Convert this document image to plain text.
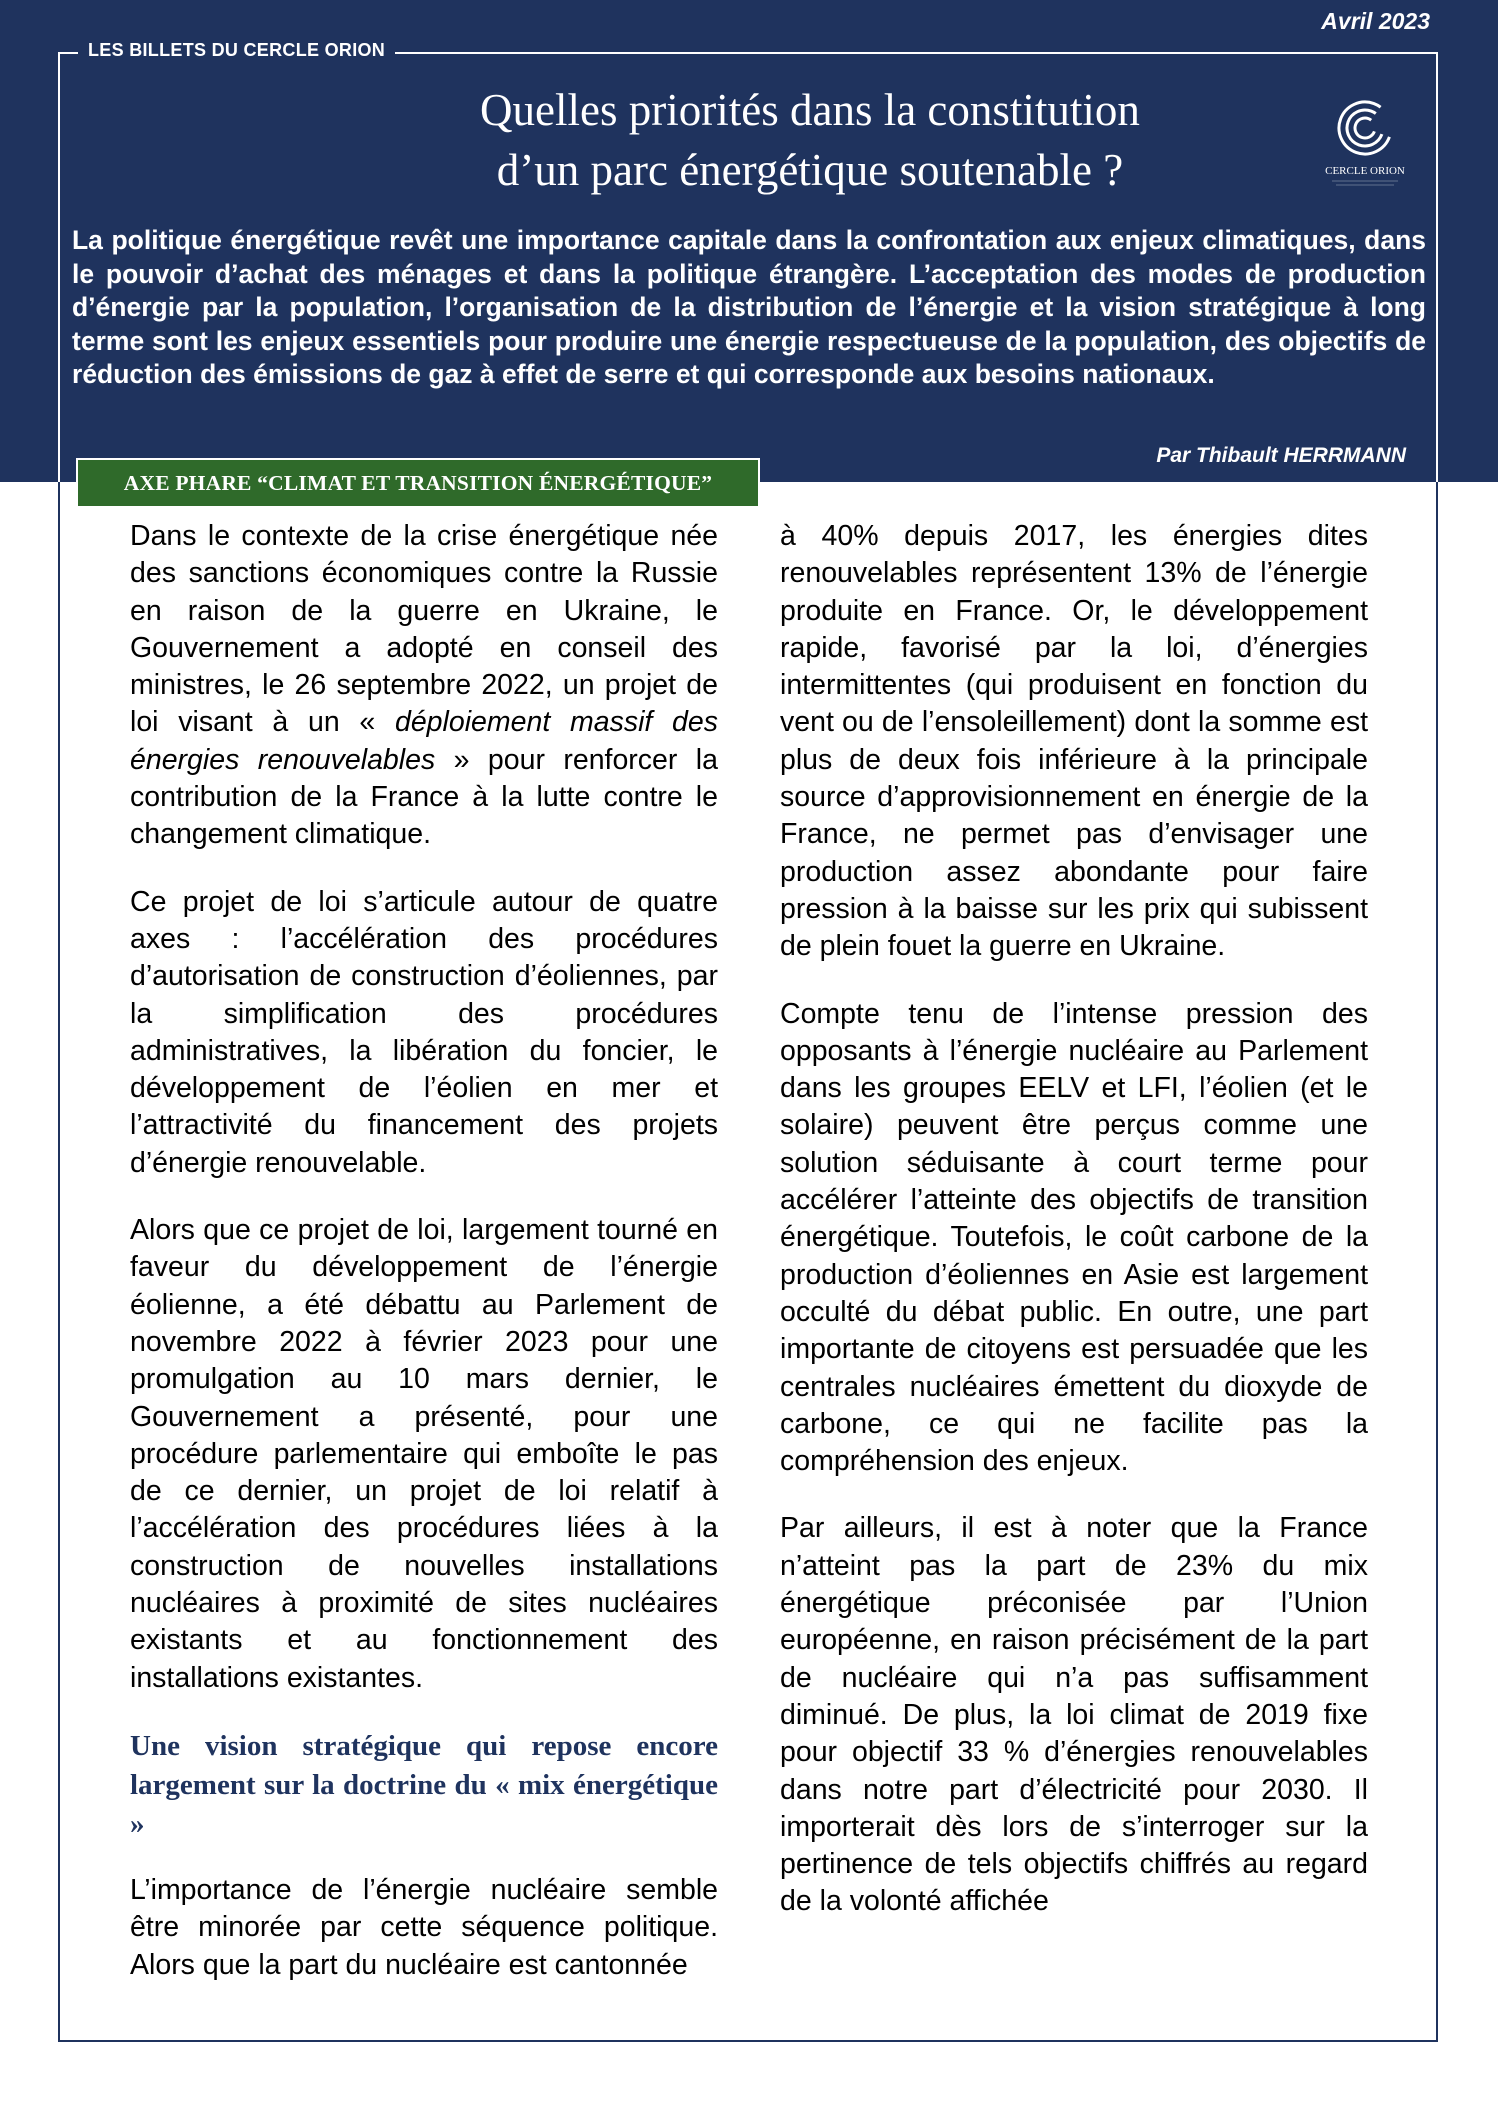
Avril 2023
LES BILLETS DU CERCLE ORION
Quelles priorités dans la constitution
d’un parc énergétique soutenable ?	CERCLE ORION

La politique énergétique revêt une importance capitale dans la confrontation aux enjeux climatiques, dans le pouvoir d’achat des ménages et dans la politique étrangère. L’acceptation des modes de production d’énergie par la population, l’organisation de la distribution de l’énergie et la vision stratégique à long terme sont les enjeux essentiels pour produire une énergie respectueuse de la population, des objectifs de réduction des émissions de gaz à effet de serre et qui corresponde aux besoins nationaux.

Par Thibault HERRMANN
AXE PHARE “CLIMAT ET TRANSITION ÉNERGÉTIQUE”

Dans le contexte de la crise énergétique née des sanctions économiques contre la Russie en raison de la guerre en Ukraine, le Gouvernement a adopté en conseil des ministres, le 26 septembre 2022, un projet de loi visant à un « déploiement massif des énergies renouvelables » pour renforcer la contribution de la France à la lutte contre le changement climatique.

Ce projet de loi s’articule autour de quatre axes : l’accélération des procédures d’autorisation de construction d’éoliennes, par la simplification des procédures administratives, la libération du foncier, le développement de l’éolien en mer et l’attractivité du financement des projets d’énergie renouvelable.

Alors que ce projet de loi, largement tourné en faveur du développement de l’énergie éolienne, a été débattu au Parlement de novembre 2022 à février 2023 pour une promulgation au 10 mars dernier, le Gouvernement a présenté, pour une procédure parlementaire qui emboîte le pas de ce dernier, un projet de loi relatif à l’accélération des procédures liées à la construction de nouvelles installations nucléaires à proximité de sites nucléaires existants et au fonctionnement des installations existantes.

Une vision stratégique qui repose encore largement sur la doctrine du « mix énergétique »

L’importance de l’énergie nucléaire semble être minorée par cette séquence politique. Alors que la part du nucléaire est cantonnée

à 40% depuis 2017, les énergies dites renouvelables représentent 13% de l’énergie produite en France. Or, le développement rapide, favorisé par la loi, d’énergies intermittentes (qui produisent en fonction du vent ou de l’ensoleillement) dont la somme est plus de deux fois inférieure à la principale source d’approvisionnement en énergie de la France, ne permet pas d’envisager une production assez abondante pour faire pression à la baisse sur les prix qui subissent de plein fouet la guerre en Ukraine.

Compte tenu de l’intense pression des opposants à l’énergie nucléaire au Parlement dans les groupes EELV et LFI, l’éolien (et le solaire) peuvent être perçus comme une solution séduisante à court terme pour accélérer l’atteinte des objectifs de transition énergétique. Toutefois, le coût carbone de la production d’éoliennes en Asie est largement occulté du débat public. En outre, une part importante de citoyens est persuadée que les centrales nucléaires émettent du dioxyde de carbone, ce qui ne facilite pas la compréhension des enjeux.

Par ailleurs, il est à noter que la France n’atteint pas la part de 23% du mix énergétique préconisée par l’Union européenne, en raison précisément de la part de nucléaire qui n’a pas suffisamment diminué. De plus, la loi climat de 2019 fixe pour objectif 33 % d’énergies renouvelables dans notre part d’électricité pour 2030. Il importerait dès lors de s’interroger sur la pertinence de tels objectifs chiffrés au regard de la volonté affichée
